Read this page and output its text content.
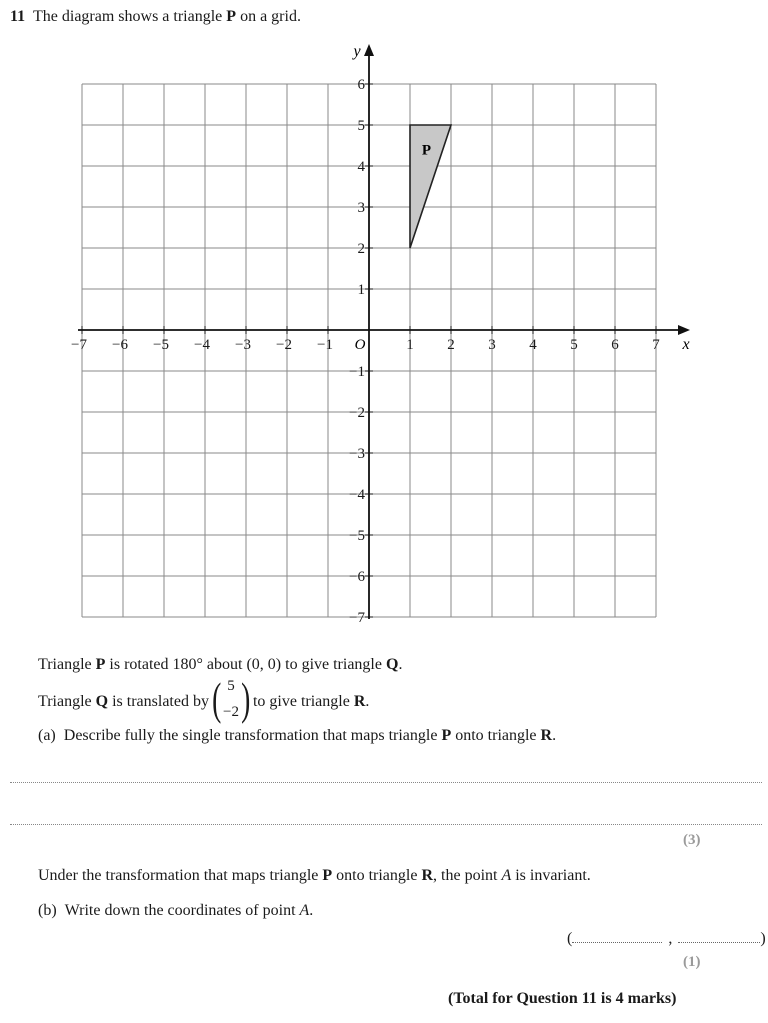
11 The diagram shows a triangle P on a grid.
P
−7 −6 −5 −4 −3 −2 −1	1 2 3 4 5 6 7
6
5
4
3
2
1
−1
−2
−3
−4
−5
−6
−7
O	x
y
Triangle P is rotated 180° about (0, 0) to give triangle Q.
Triangle Q is translated by ( 5
−2 ) to give triangle R.
(a) Describe fully the single transformation that maps triangle P onto triangle R.
(3)
Under the transformation that maps triangle P onto triangle R, the point A is invariant.
(b) Write down the coordinates of point A.
(	,	)
(1)
(Total for Question 11 is 4 marks)
